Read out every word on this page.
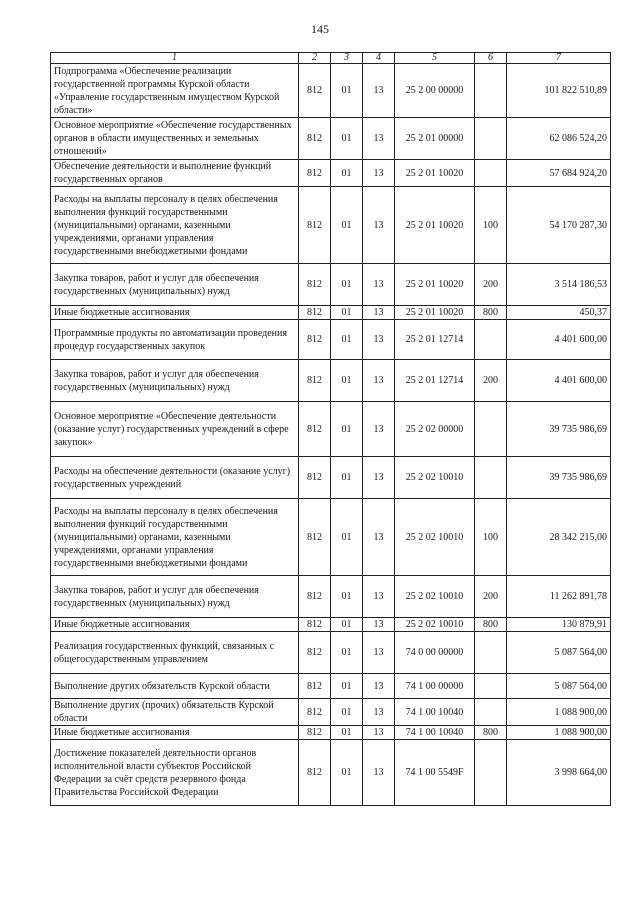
145
1	2	3	4	5	6	7
Подпрограмма «Обеспечение реализации государственной программы Курской области «Управление государственным имуществом Курской области»	812	01	13	25 2 00 00000		101 822 510,89
Основное мероприятие «Обеспечение государственных органов в области имущественных и земельных отношений»	812	01	13	25 2 01 00000		62 086 524,20
Обеспечение деятельности и выполнение функций государственных органов	812	01	13	25 2 01 10020		57 684 924,20
Расходы на выплаты персоналу в целях обеспечения выполнения функций государственными (муниципальными) органами, казенными учреждениями, органами управления государственными внебюджетными фондами	812	01	13	25 2 01 10020	100	54 170 287,30
Закупка товаров, работ и услуг для обеспечения государственных (муниципальных) нужд	812	01	13	25 2 01 10020	200	3 514 186,53
Иные бюджетные ассигнования	812	01	13	25 2 01 10020	800	450,37
Программные продукты по автоматизации проведения процедур государственных закупок	812	01	13	25 2 01 12714		4 401 600,00
Закупка товаров, работ и услуг для обеспечения государственных (муниципальных) нужд	812	01	13	25 2 01 12714	200	4 401 600,00
Основное мероприятие «Обеспечение деятельности (оказание услуг) государственных учреждений в сфере закупок»	812	01	13	25 2 02 00000		39 735 986,69
Расходы на обеспечение деятельности (оказание услуг) государственных учреждений	812	01	13	25 2 02 10010		39 735 986,69
Расходы на выплаты персоналу в целях обеспечения выполнения функций государственными (муниципальными) органами, казенными учреждениями, органами управления государственными внебюджетными фондами	812	01	13	25 2 02 10010	100	28 342 215,00
Закупка товаров, работ и услуг для обеспечения государственных (муниципальных) нужд	812	01	13	25 2 02 10010	200	11 262 891,78
Иные бюджетные ассигнования	812	01	13	25 2 02 10010	800	130 879,91
Реализация государственных функций, связанных с общегосударственным управлением	812	01	13	74 0 00 00000		5 087 564,00
Выполнение других обязательств Курской области	812	01	13	74 1 00 00000		5 087 564,00
Выполнение других (прочих) обязательств Курской области	812	01	13	74 1 00 10040		1 088 900,00
Иные бюджетные ассигнования	812	01	13	74 1 00 10040	800	1 088 900,00
Достижение показателей деятельности органов исполнительной власти субъектов Российской Федерации за счёт средств резервного фонда Правительства Российской Федерации	812	01	13	74 1 00 5549F		3 998 664,00
